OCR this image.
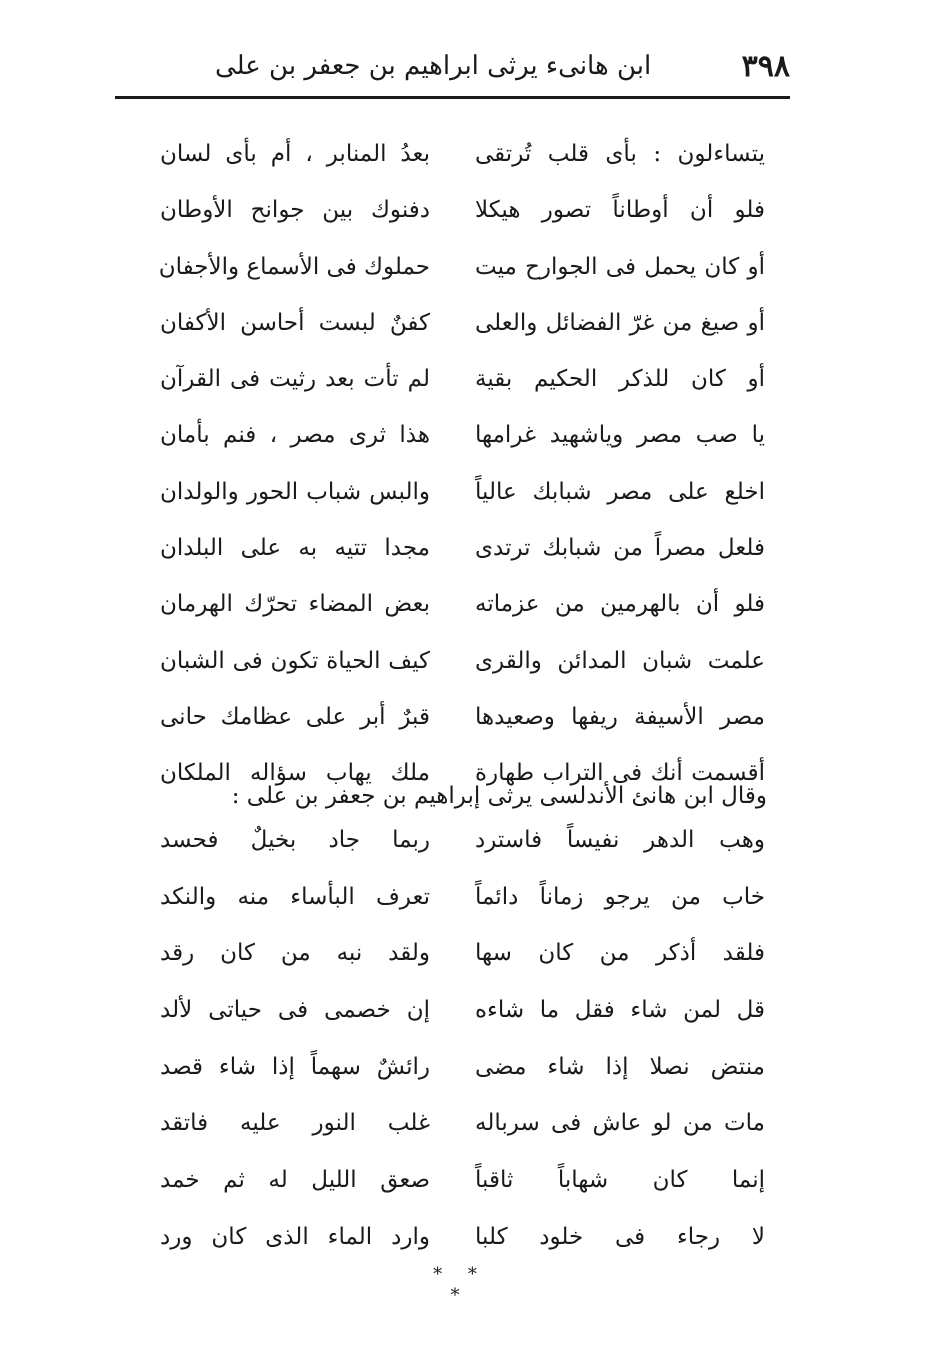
٣٩٨
ابن هانىء يرثى ابراهيم بن جعفر بن على
يتساءلون : بأى قلب تُرتقى
بعدُ المنابر ، أم بأى لسان
فلو أن أوطاناً تصور هيكلا
دفنوك بين جوانح الأوطان
أو كان يحمل فى الجوارح ميت
حملوك فى الأسماع والأجفان
أو صيغ من غرّ الفضائل والعلى
كفنٌ لبست أحاسن الأكفان
أو كان للذكر الحكيم بقية
لم تأت بعد رثيت فى القرآن
يا صب مصر وياشهيد غرامها
هذا ثرى مصر ، فنم بأمان
اخلع على مصر شبابك عالياً
والبس شباب الحور والولدان
فلعل مصراً من شبابك ترتدى
مجدا تتيه به على البلدان
فلو أن بالهرمين من عزماته
بعض المضاء تحرّك الهرمان
علمت شبان المدائن والقرى
كيف الحياة تكون فى الشبان
مصر الأسيفة ريفها وصعيدها
قبرٌ أبر على عظامك حانى
أقسمت أنك فى التراب طهارة
ملك يهاب سؤاله الملكان
وقال ابن هانئ الأندلسى يرثى إبراهيم بن جعفر بن على :
وهب الدهر نفيساً فاسترد
ربما جاد بخيلٌ فحسد
خاب من يرجو زماناً دائماً
تعرف البأساء منه والنكد
فلقد أذكر من كان سها
ولقد نبه من كان رقد
قل لمن شاء فقل ما شاءه
إن خصمى فى حياتى لألد
منتض نصلا إذا شاء مضى
رائشٌ سهماً إذا شاء قصد
مات من لو عاش فى سرباله
غلب النور عليه فاتقد
إنما كان شهاباً ثاقباً
صعق الليل له ثم خمد
لا رجاء فى خلود كلبا
وارد الماء الذى كان ورد
* * *
